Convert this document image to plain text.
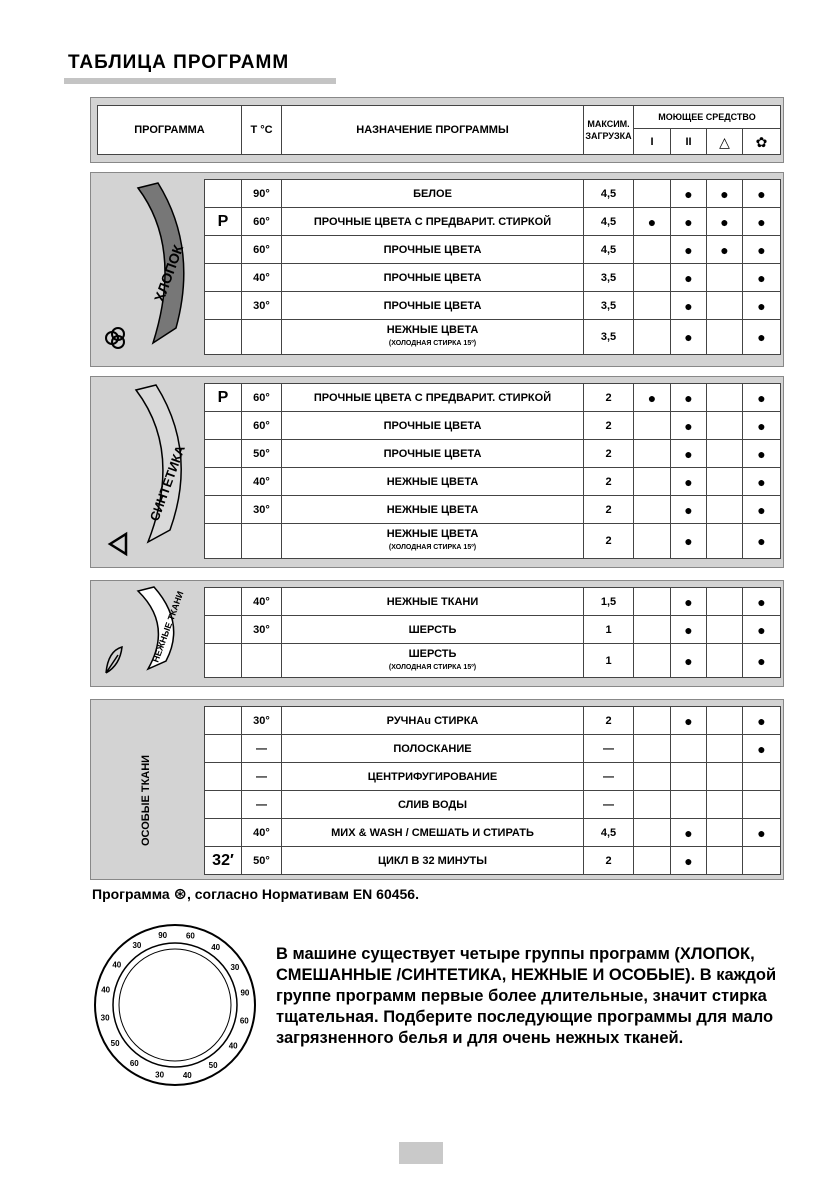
ТАБЛИЦА ПРОГРАММ
ПРОГРАММА	T °C	НАЗНАЧЕНИЕ ПРОГРАММЫ	МАКСИМ.
ЗАГРУЗКА	МОЮЩЕЕ СРЕДСТВО			
				I	II	△	✿
	90°	БЕЛОЕ	4,5		●	●	●
P	60°	ПРОЧНЫЕ ЦВЕТА С ПРЕДВАРИТ. СТИРКОЙ	4,5	●	●	●	●
	60°	ПРОЧНЫЕ ЦВЕТА	4,5		●	●	●
	40°	ПРОЧНЫЕ ЦВЕТА	3,5		●		●
	30°	ПРОЧНЫЕ ЦВЕТА	3,5		●		●
		НЕЖНЫЕ ЦВЕТА
(ХОЛОДНАЯ СТИРКА 15º)	3,5		●		●
P	60°	ПРОЧНЫЕ ЦВЕТА С ПРЕДВАРИТ. СТИРКОЙ	2	●	●		●
	60°	ПРОЧНЫЕ ЦВЕТА	2		●		●
	50°	ПРОЧНЫЕ ЦВЕТА	2		●		●
	40°	НЕЖНЫЕ ЦВЕТА	2		●		●
	30°	НЕЖНЫЕ ЦВЕТА	2		●		●
		НЕЖНЫЕ ЦВЕТА
(ХОЛОДНАЯ СТИРКА 15º)	2		●		●
	40°	НЕЖНЫЕ ТКАНИ	1,5		●		●
	30°	ШЕРСТЬ	1		●		●
		ШЕРСТЬ
(ХОЛОДНАЯ СТИРКА 15º)	1		●		●
	30°	РУЧНАu СТИРКА	2		●		●
	—	ПОЛОСКАНИЕ	—				●
	—	ЦЕНТРИФУГИРОВАНИЕ	—				
	—	СЛИВ ВОДЫ	—				
	40°	МИХ & WASH / СМЕШАТЬ И СТИРАТЬ	4,5		●		●
32′	50°	ЦИКЛ В 32 МИНУТЫ	2		●		
ХЛОПОК
СИНТЕТИКА
НЕЖНЫЕ ТКАНИ
ОСОБЫЕ ТКАНИ
Программа ⊛, согласно Нормативам EN 60456.
90 60
40
30
90
60
40
50
40
30
60
50
30
40
40
30	В машине существует четыре группы программ (ХЛОПОК, СМЕШАННЫЕ /СИНТЕТИКА, НЕЖНЫЕ И ОСОБЫЕ). В каждой группе программ первые более длительные, значит стирка тщательная. Подберите последующие программы для мало загрязненного белья и для очень нежных тканей.
